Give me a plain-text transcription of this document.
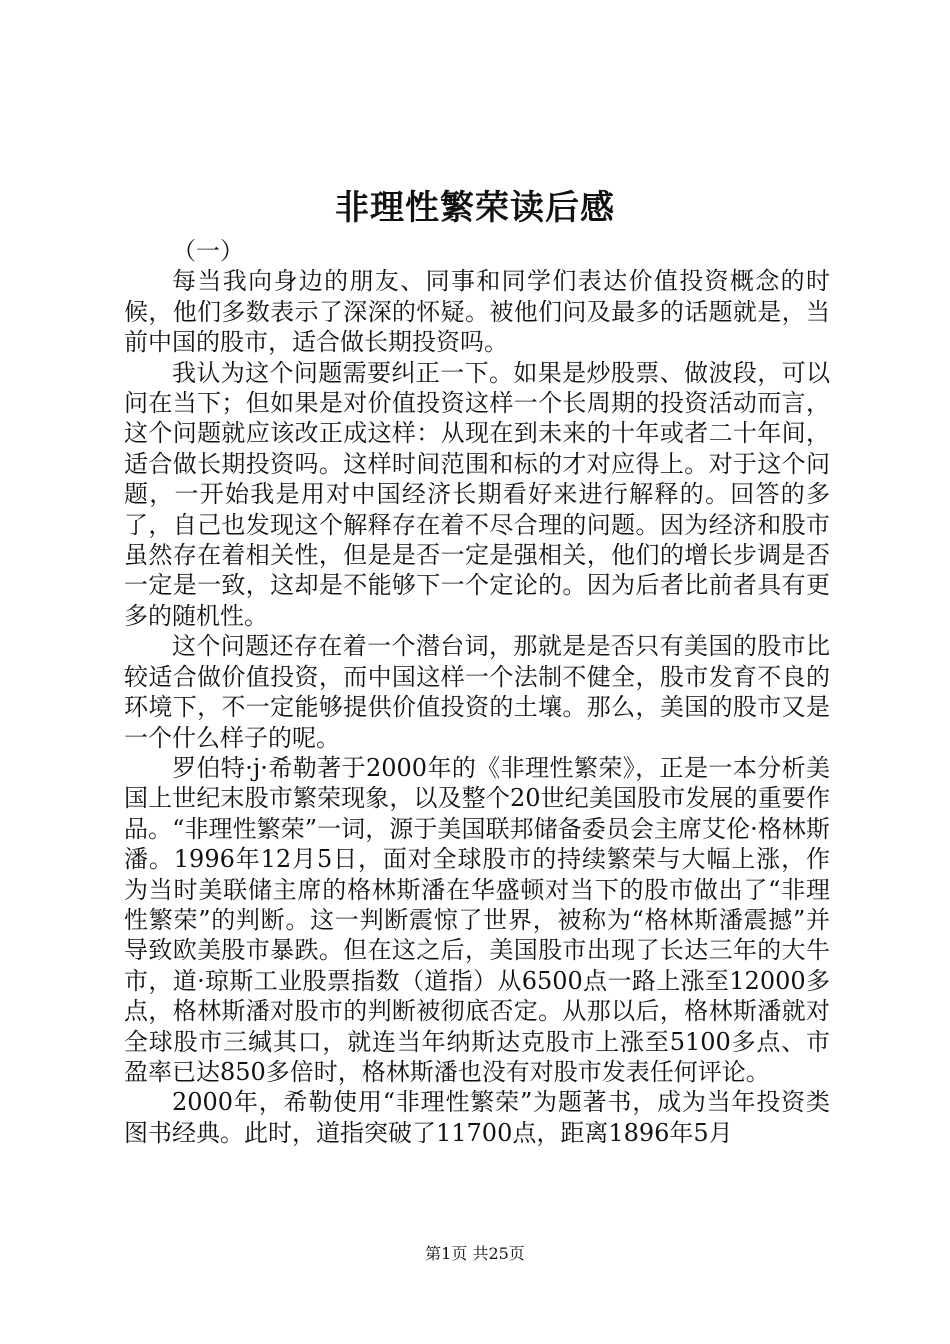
非理性繁荣读后感

（一）

每当我向身边的朋友、同事和同学们表达价值投资概念的时候，他们多数表示了深深的怀疑。被他们问及最多的话题就是，当前中国的股市，适合做长期投资吗。

我认为这个问题需要纠正一下。如果是炒股票、做波段，可以问在当下；但如果是对价值投资这样一个长周期的投资活动而言，这个问题就应该改正成这样：从现在到未来的十年或者二十年间，适合做长期投资吗。这样时间范围和标的才对应得上。对于这个问题，一开始我是用对中国经济长期看好来进行解释的。回答的多了，自己也发现这个解释存在着不尽合理的问题。因为经济和股市虽然存在着相关性，但是是否一定是强相关，他们的增长步调是否一定是一致，这却是不能够下一个定论的。因为后者比前者具有更多的随机性。

这个问题还存在着一个潜台词，那就是是否只有美国的股市比较适合做价值投资，而中国这样一个法制不健全，股市发育不良的环境下，不一定能够提供价值投资的土壤。那么，美国的股市又是一个什么样子的呢。

罗伯特·j·希勒著于2000年的《非理性繁荣》，正是一本分析美国上世纪末股市繁荣现象，以及整个20世纪美国股市发展的重要作品。“非理性繁荣”一词，源于美国联邦储备委员会主席艾伦·格林斯潘。1996年12月5日，面对全球股市的持续繁荣与大幅上涨，作为当时美联储主席的格林斯潘在华盛顿对当下的股市做出了“非理性繁荣”的判断。这一判断震惊了世界，被称为“格林斯潘震撼”并导致欧美股市暴跌。但在这之后，美国股市出现了长达三年的大牛市，道·琼斯工业股票指数（道指）从6500点一路上涨至12000多点，格林斯潘对股市的判断被彻底否定。从那以后，格林斯潘就对全球股市三缄其口，就连当年纳斯达克股市上涨至5100多点、市盈率已达850多倍时，格林斯潘也没有对股市发表任何评论。

2000年，希勒使用“非理性繁荣”为题著书，成为当年投资类图书经典。此时，道指突破了11700点，距离1896年5月

第1页 共25页
